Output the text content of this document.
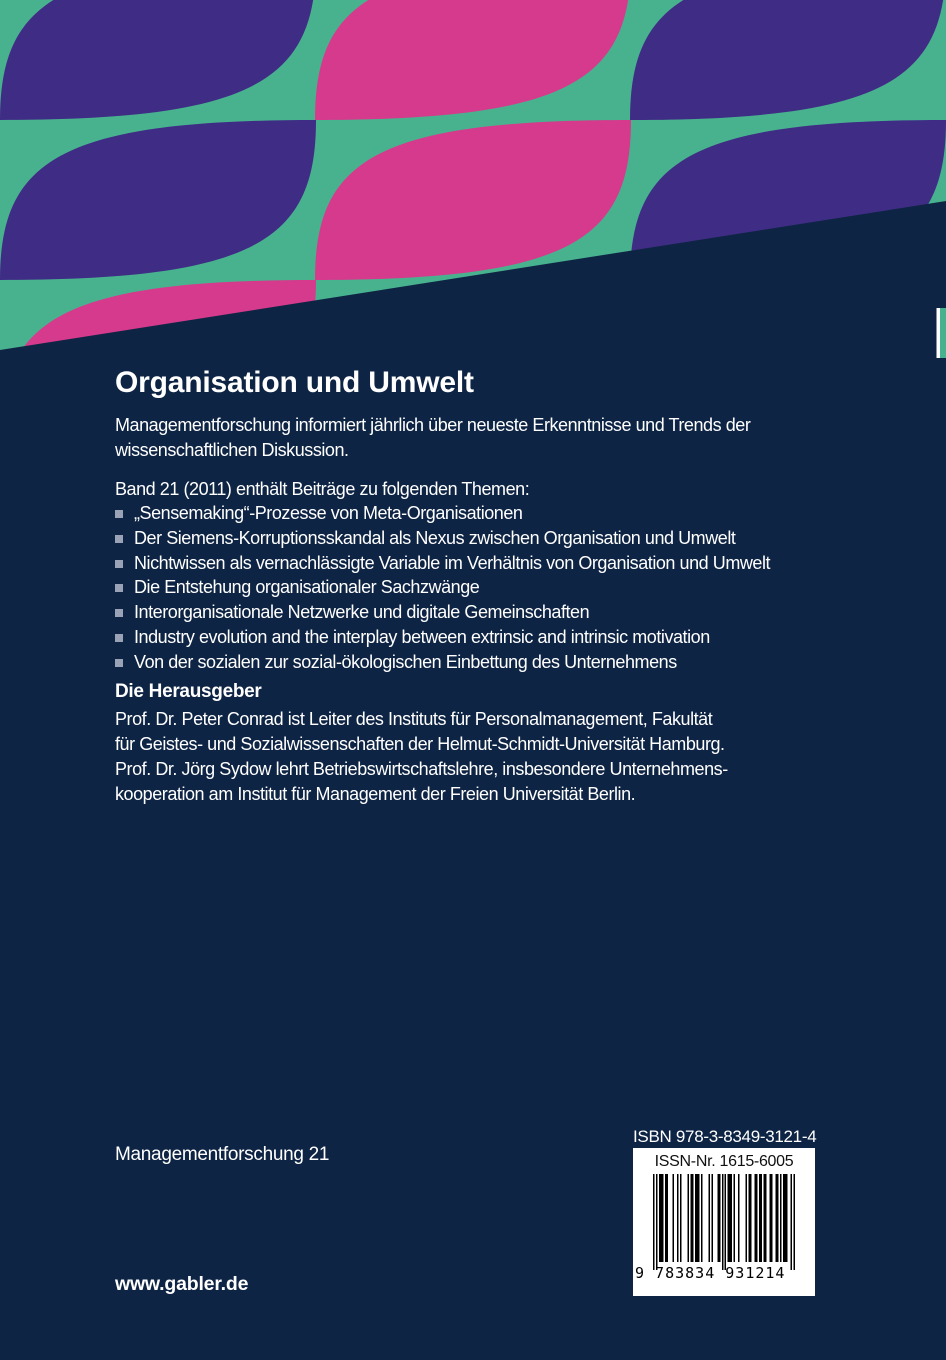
Organisation und Umwelt
Managementforschung informiert jährlich über neueste Erkenntnisse und Trends der
wissenschaftlichen Diskussion.
Band 21 (2011) enthält Beiträge zu folgenden Themen:
„Sensemaking“-Prozesse von Meta-Organisationen
Der Siemens-Korruptionsskandal als Nexus zwischen Organisation und Umwelt
Nichtwissen als vernachlässigte Variable im Verhältnis von Organisation und Umwelt
Die Entstehung organisationaler Sachzwänge
Interorganisationale Netzwerke und digitale Gemeinschaften
Industry evolution and the interplay between extrinsic and intrinsic motivation
Von der sozialen zur sozial-ökologischen Einbettung des Unternehmens
Die Herausgeber
Prof. Dr. Peter Conrad ist Leiter des Instituts für Personalmanagement, Fakultät
für Geistes- und Sozialwissenschaften der Helmut-Schmidt-Universität Hamburg.
Prof. Dr. Jörg Sydow lehrt Betriebswirtschaftslehre, insbesondere Unternehmens-
kooperation am Institut für Management der Freien Universität Berlin.
Managementforschung 21
ISBN 978-3-8349-3121-4
ISSN-Nr. 1615-6005
9 783834 931214
www.gabler.de
